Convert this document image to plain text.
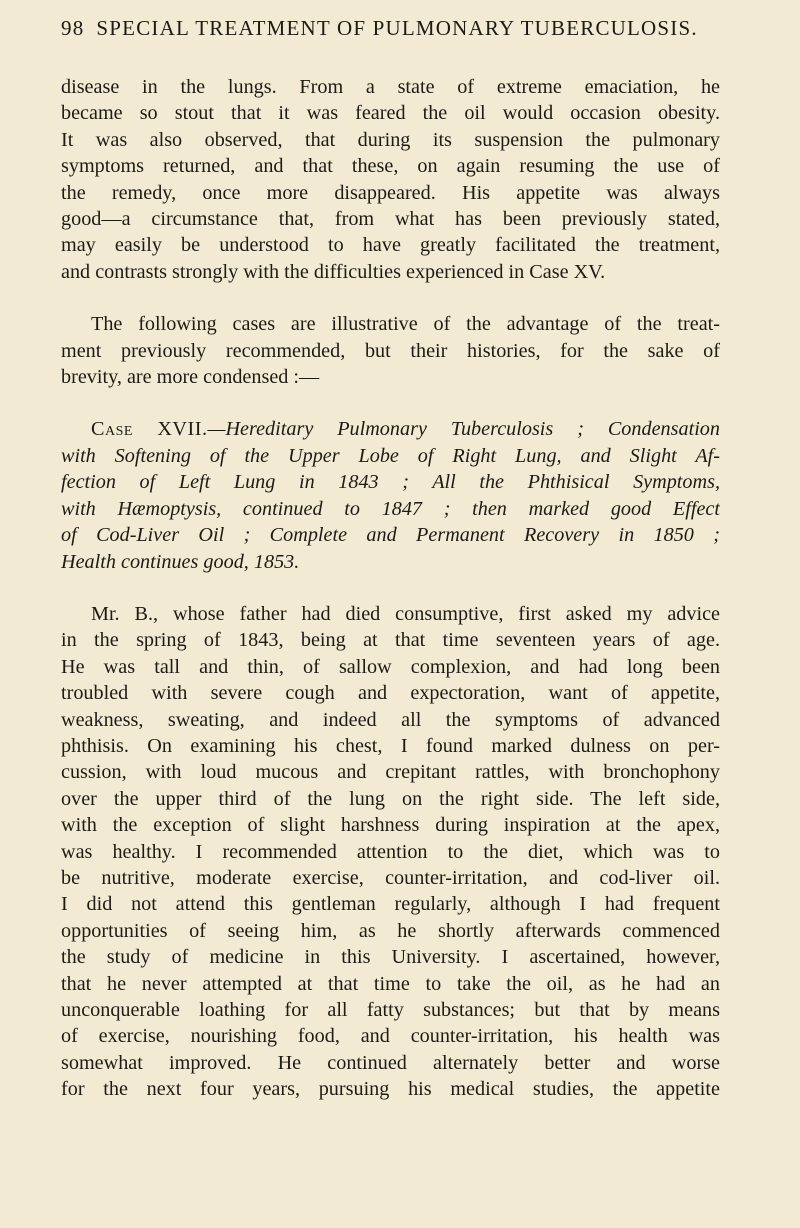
98 SPECIAL TREATMENT OF PULMONARY TUBERCULOSIS.
disease in the lungs. From a state of extreme emaciation, he
became so stout that it was feared the oil would occasion obesity.
It was also observed, that during its suspension the pulmonary
symptoms returned, and that these, on again resuming the use of
the remedy, once more disappeared. His appetite was always
good—a circumstance that, from what has been previously stated,
may easily be understood to have greatly facilitated the treatment,
and contrasts strongly with the difficulties experienced in Case XV.
The following cases are illustrative of the advantage of the treat-
ment previously recommended, but their histories, for the sake of
brevity, are more condensed :—
Case XVII.—Hereditary Pulmonary Tuberculosis ; Condensation
with Softening of the Upper Lobe of Right Lung, and Slight Af-
fection of Left Lung in 1843 ; All the Phthisical Symptoms,
with Hæmoptysis, continued to 1847 ; then marked good Effect
of Cod-Liver Oil ; Complete and Permanent Recovery in 1850 ;
Health continues good, 1853.
Mr. B., whose father had died consumptive, first asked my advice
in the spring of 1843, being at that time seventeen years of age.
He was tall and thin, of sallow complexion, and had long been
troubled with severe cough and expectoration, want of appetite,
weakness, sweating, and indeed all the symptoms of advanced
phthisis. On examining his chest, I found marked dulness on per-
cussion, with loud mucous and crepitant rattles, with bronchophony
over the upper third of the lung on the right side. The left side,
with the exception of slight harshness during inspiration at the apex,
was healthy. I recommended attention to the diet, which was to
be nutritive, moderate exercise, counter-irritation, and cod-liver oil.
I did not attend this gentleman regularly, although I had frequent
opportunities of seeing him, as he shortly afterwards commenced
the study of medicine in this University. I ascertained, however,
that he never attempted at that time to take the oil, as he had an
unconquerable loathing for all fatty substances; but that by means
of exercise, nourishing food, and counter-irritation, his health was
somewhat improved. He continued alternately better and worse
for the next four years, pursuing his medical studies, the appetite
